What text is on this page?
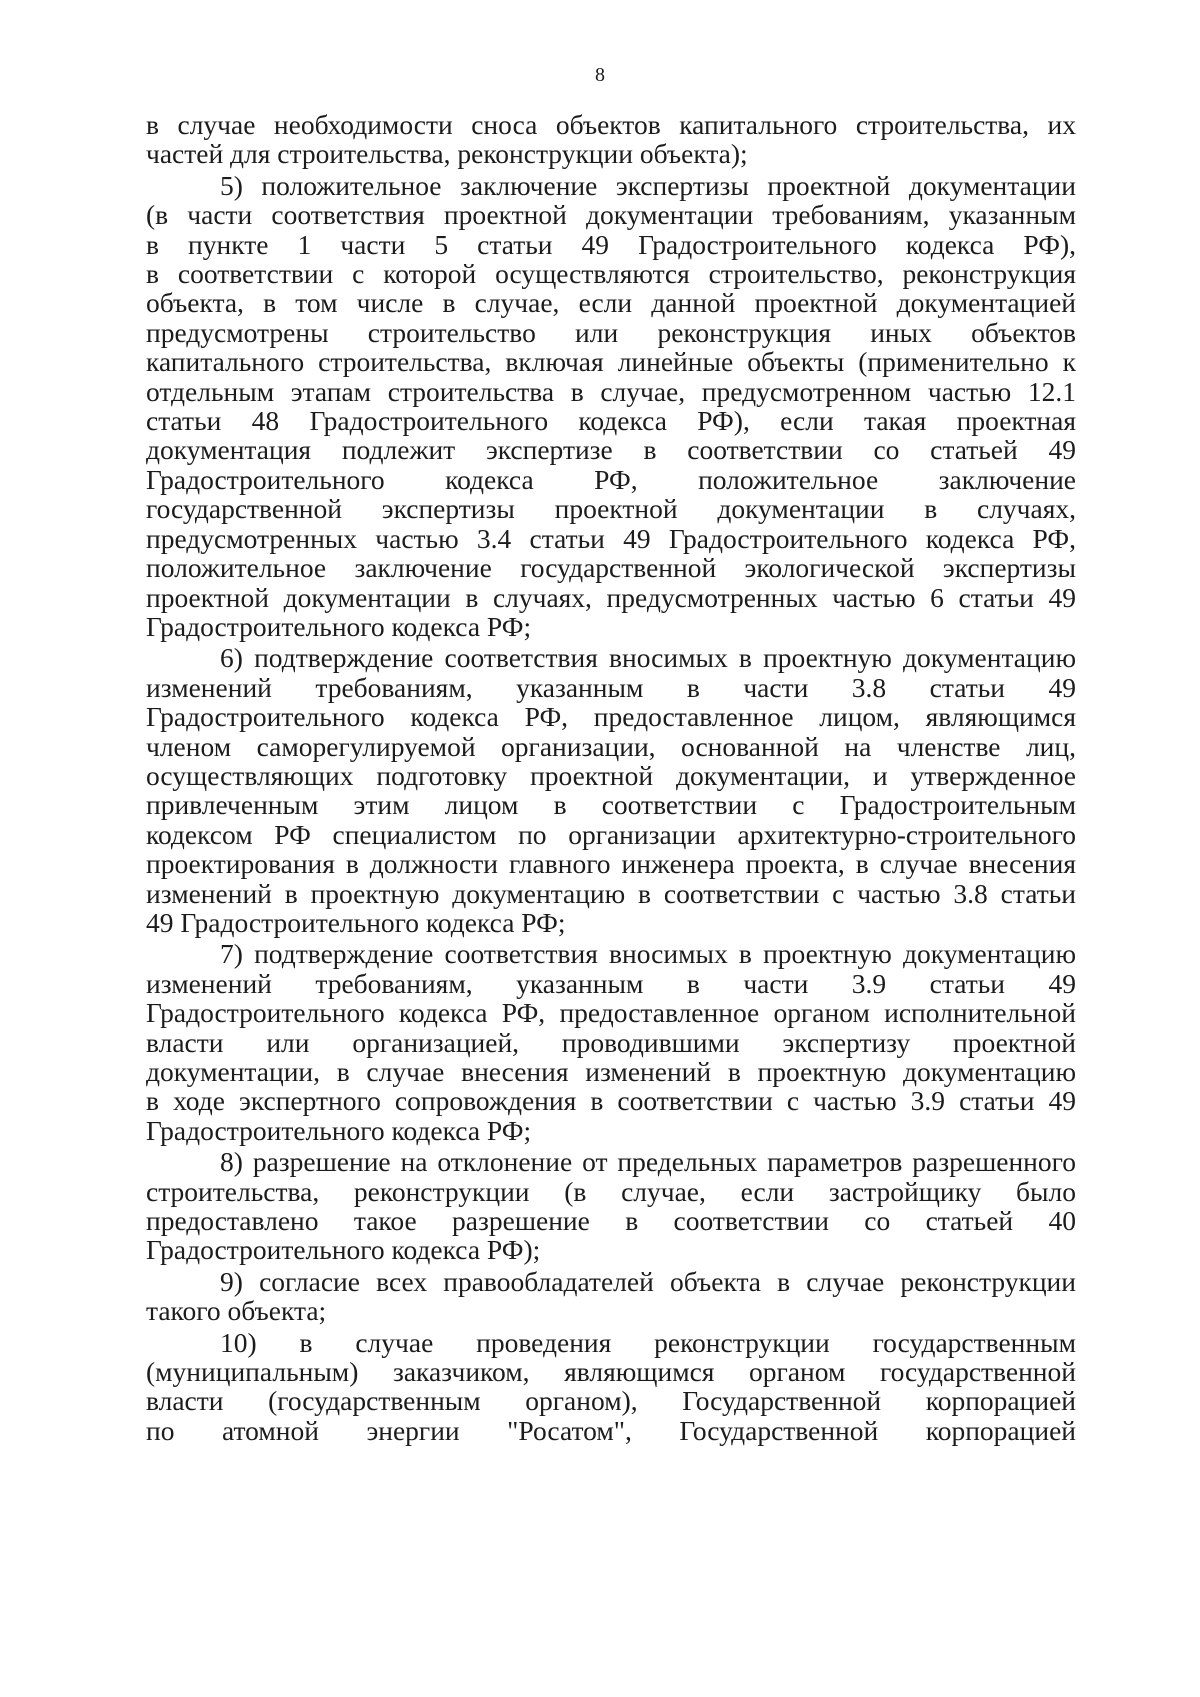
8
в случае необходимости сноса объектов капитального строительства, их
частей для строительства, реконструкции объекта);
5) положительное заключение экспертизы проектной документации
(в части соответствия проектной документации требованиям, указанным
в пункте 1 части 5 статьи 49 Градостроительного кодекса РФ),
в соответствии с которой осуществляются строительство, реконструкция
объекта, в том числе в случае, если данной проектной документацией
предусмотрены строительство или реконструкция иных объектов
капитального строительства, включая линейные объекты (применительно к
отдельным этапам строительства в случае, предусмотренном частью 12.1
статьи 48 Градостроительного кодекса РФ), если такая проектная
документация подлежит экспертизе в соответствии со статьей 49
Градостроительного кодекса РФ, положительное заключение
государственной экспертизы проектной документации в случаях,
предусмотренных частью 3.4 статьи 49 Градостроительного кодекса РФ,
положительное заключение государственной экологической экспертизы
проектной документации в случаях, предусмотренных частью 6 статьи 49
Градостроительного кодекса РФ;
6) подтверждение соответствия вносимых в проектную документацию
изменений требованиям, указанным в части 3.8 статьи 49
Градостроительного кодекса РФ, предоставленное лицом, являющимся
членом саморегулируемой организации, основанной на членстве лиц,
осуществляющих подготовку проектной документации, и утвержденное
привлеченным этим лицом в соответствии с Градостроительным
кодексом РФ специалистом по организации архитектурно-строительного
проектирования в должности главного инженера проекта, в случае внесения
изменений в проектную документацию в соответствии с частью 3.8 статьи
49 Градостроительного кодекса РФ;
7) подтверждение соответствия вносимых в проектную документацию
изменений требованиям, указанным в части 3.9 статьи 49
Градостроительного кодекса РФ, предоставленное органом исполнительной
власти или организацией, проводившими экспертизу проектной
документации, в случае внесения изменений в проектную документацию
в ходе экспертного сопровождения в соответствии с частью 3.9 статьи 49
Градостроительного кодекса РФ;
8) разрешение на отклонение от предельных параметров разрешенного
строительства, реконструкции (в случае, если застройщику было
предоставлено такое разрешение в соответствии со статьей 40
Градостроительного кодекса РФ);
9) согласие всех правообладателей объекта в случае реконструкции
такого объекта;
10) в случае проведения реконструкции государственным
(муниципальным) заказчиком, являющимся органом государственной
власти (государственным органом), Государственной корпорацией
по атомной энергии "Росатом", Государственной корпорацией
